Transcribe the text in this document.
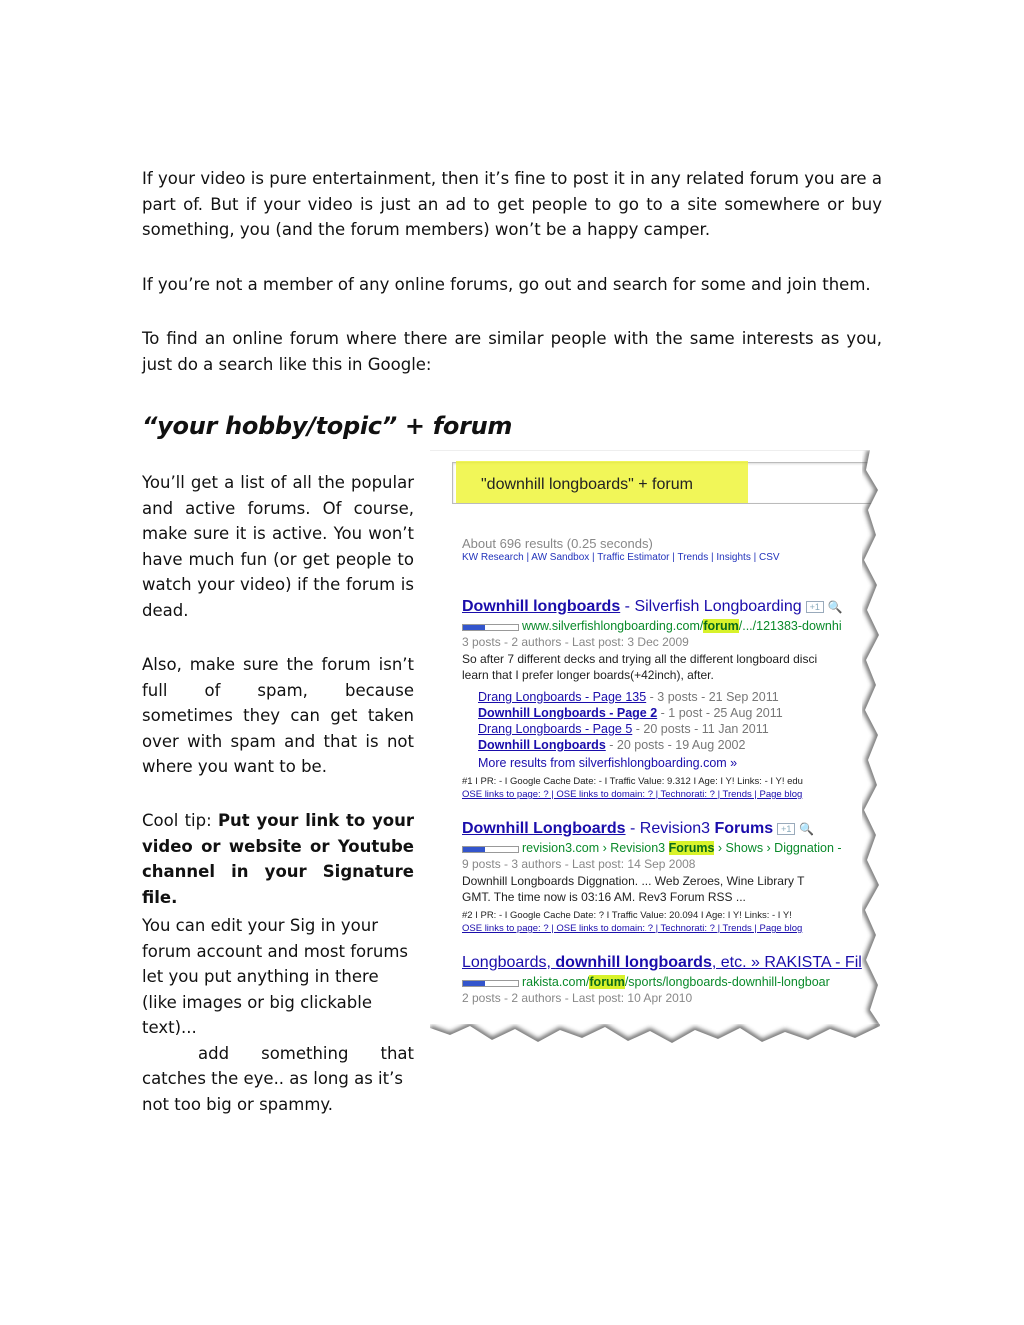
If your video is pure entertainment, then it’s fine to post it in any related forum you are a part of. But if your video is just an ad to get people to go to a site somewhere or buy something, you (and the forum members) won’t be a happy camper.

If you’re not a member of any online forums, go out and search for some and join them.

To find an online forum where there are similar people with the same interests as you, just do a search like this in Google:

“your hobby/topic” + forum

You’ll get a list of all the popular and active forums. Of course, make sure it is active. You won’t have much fun (or get people to watch your video) if the forum is dead.

Also, make sure the forum isn’t full of spam, because sometimes they can get taken over with spam and that is not where you want to be.

Cool tip: Put your link to your video or website or Youtube channel in your Signature file.

You can edit your Sig in your forum account and most forums let you put anything in there (like images or big clickable text)...
add something that
catches the eye.. as long as it’s not too big or spammy.

"downhill longboards" + forum
About 696 results (0.25 seconds)
KW Research | AW Sandbox | Traffic Estimator | Trends | Insights | CSV
Downhill longboards - Silverfish Longboarding +1 🔍
www.silverfishlongboarding.com/forum/.../121383-downhi
3 posts - 2 authors - Last post: 3 Dec 2009
So after 7 different decks and trying all the different longboard disci
learn that I prefer longer boards(+42inch), after.
Drang Longboards - Page 135 - 3 posts - 21 Sep 2011
Downhill Longboards - Page 2 - 1 post - 25 Aug 2011
Drang Longboards - Page 5 - 20 posts - 11 Jan 2011
Downhill Longboards - 20 posts - 19 Aug 2002
More results from silverfishlongboarding.com »
#1 I PR: - I Google Cache Date: - I Traffic Value: 9.312 I Age: I Y! Links: - I Y! edu
OSE links to page: ? | OSE links to domain: ? | Technorati: ? | Trends | Page blog
Downhill Longboards - Revision3 Forums +1 🔍
revision3.com › Revision3 Forums › Shows › Diggnation -
9 posts - 3 authors - Last post: 14 Sep 2008
Downhill Longboards Diggnation. ... Web Zeroes, Wine Library T
GMT. The time now is 03:16 AM. Rev3 Forum RSS ...
#2 I PR: - I Google Cache Date: ? I Traffic Value: 20.094 I Age: I Y! Links: - I Y!
OSE links to page: ? | OSE links to domain: ? | Technorati: ? | Trends | Page blog
Longboards, downhill longboards, etc. » RAKISTA - Fil
rakista.com/forum/sports/longboards-downhill-longboar
2 posts - 2 authors - Last post: 10 Apr 2010
